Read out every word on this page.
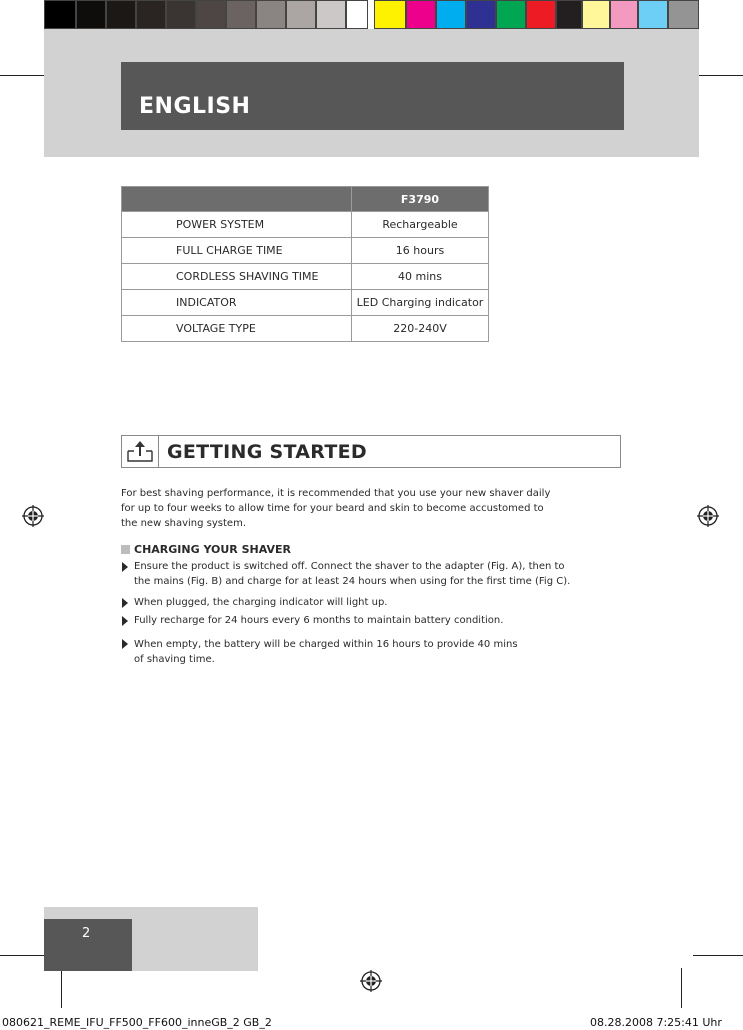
ENGLISH
	F3790
POWER SYSTEM	Rechargeable
FULL CHARGE TIME	16 hours
CORDLESS SHAVING TIME	40 mins
INDICATOR	LED Charging indicator
VOLTAGE TYPE	220-240V
GETTING STARTED
For best shaving performance, it is recommended that you use your new shaver daily
for up to four weeks to allow time for your beard and skin to become accustomed to
the new shaving system.
CHARGING YOUR SHAVER
Ensure the product is switched off. Connect the shaver to the adapter (Fig. A), then to
the mains (Fig. B) and charge for at least 24 hours when using for the first time (Fig C).
When plugged, the charging indicator will light up.
Fully recharge for 24 hours every 6 months to maintain battery condition.
When empty, the battery will be charged within 16 hours to provide 40 mins
of shaving time.
2
080621_REME_IFU_FF500_FF600_inneGB_2 GB_2	08.28.2008 7:25:41 Uhr
